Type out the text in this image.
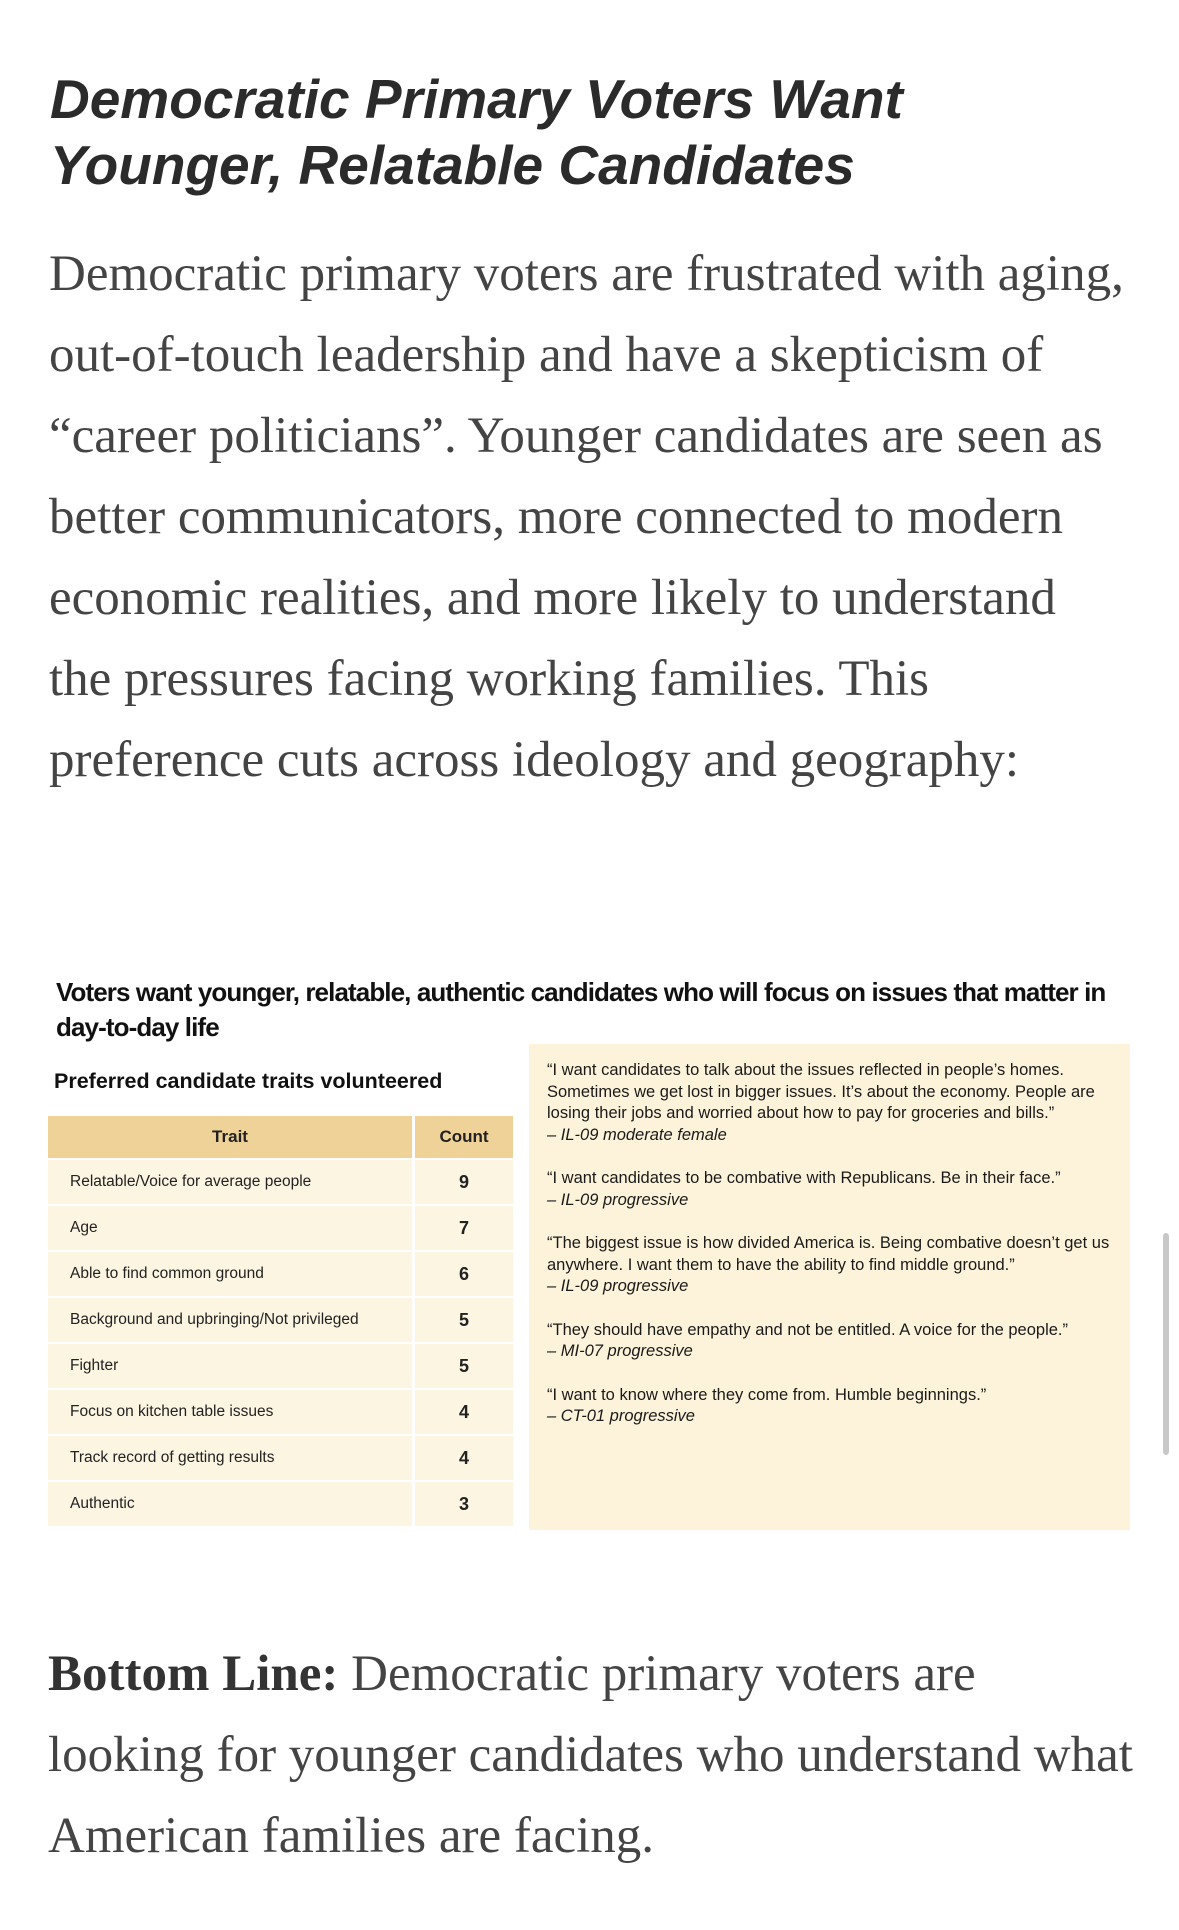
Democratic Primary Voters Want Younger, Relatable Candidates

Democratic primary voters are frustrated with aging, out-of-touch leadership and have a skepticism of “career politicians”. Younger candidates are seen as better communicators, more connected to modern economic realities, and more likely to understand the pressures facing working families. This preference cuts across ideology and geography:

Voters want younger, relatable, authentic candidates who will focus on issues that matter in day-to-day life
Preferred candidate traits volunteered
Trait	Count
Relatable/Voice for average people	9
Age	7
Able to find common ground	6
Background and upbringing/Not privileged	5
Fighter	5
Focus on kitchen table issues	4
Track record of getting results	4
Authentic	3

“I want candidates to talk about the issues reflected in people’s homes. Sometimes we get lost in bigger issues. It’s about the economy. People are losing their jobs and worried about how to pay for groceries and bills.”

– IL-09 moderate female

“I want candidates to be combative with Republicans. Be in their face.”

– IL-09 progressive

“The biggest issue is how divided America is. Being combative doesn’t get us anywhere. I want them to have the ability to find middle ground.”

– IL-09 progressive

“They should have empathy and not be entitled. A voice for the people.”

– MI-07 progressive

“I want to know where they come from. Humble beginnings.”

– CT-01 progressive

Bottom Line: Democratic primary voters are looking for younger candidates who understand what American families are facing.
